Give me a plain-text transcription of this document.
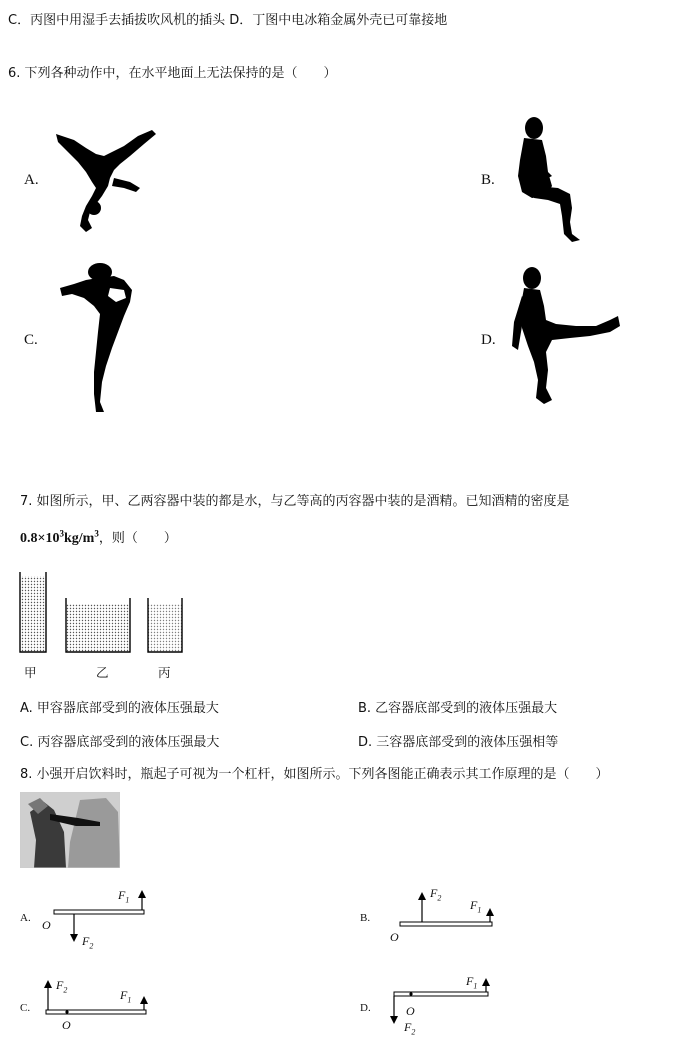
C．丙图中用湿手去插拔吹风机的插头 D．丁图中电冰箱金属外壳已可靠接地
6. 下列各种动作中，在水平地面上无法保持的是（　　）
A.	B.
C.	D.
7. 如图所示，甲、乙两容器中装的都是水，与乙等高的丙容器中装的是酒精。已知酒精的密度是
$0.8\times 10^3kg/m^3$，则（　　）
甲	乙	丙
A. 甲容器底部受到的液体压强最大	B. 乙容器底部受到的液体压强最大
C. 丙容器底部受到的液体压强最大	D. 三容器底部受到的液体压强相等
8. 小强开启饮料时，瓶起子可视为一个杠杆，如图所示。下列各图能正确表示其工作原理的是（　　）
A.
$F_1$
O
$F_2$
B.
$F_2$
$F_1$
O
C.
$F_2$	$F_1$
O
D.
$F_1$
O
$F_2$
